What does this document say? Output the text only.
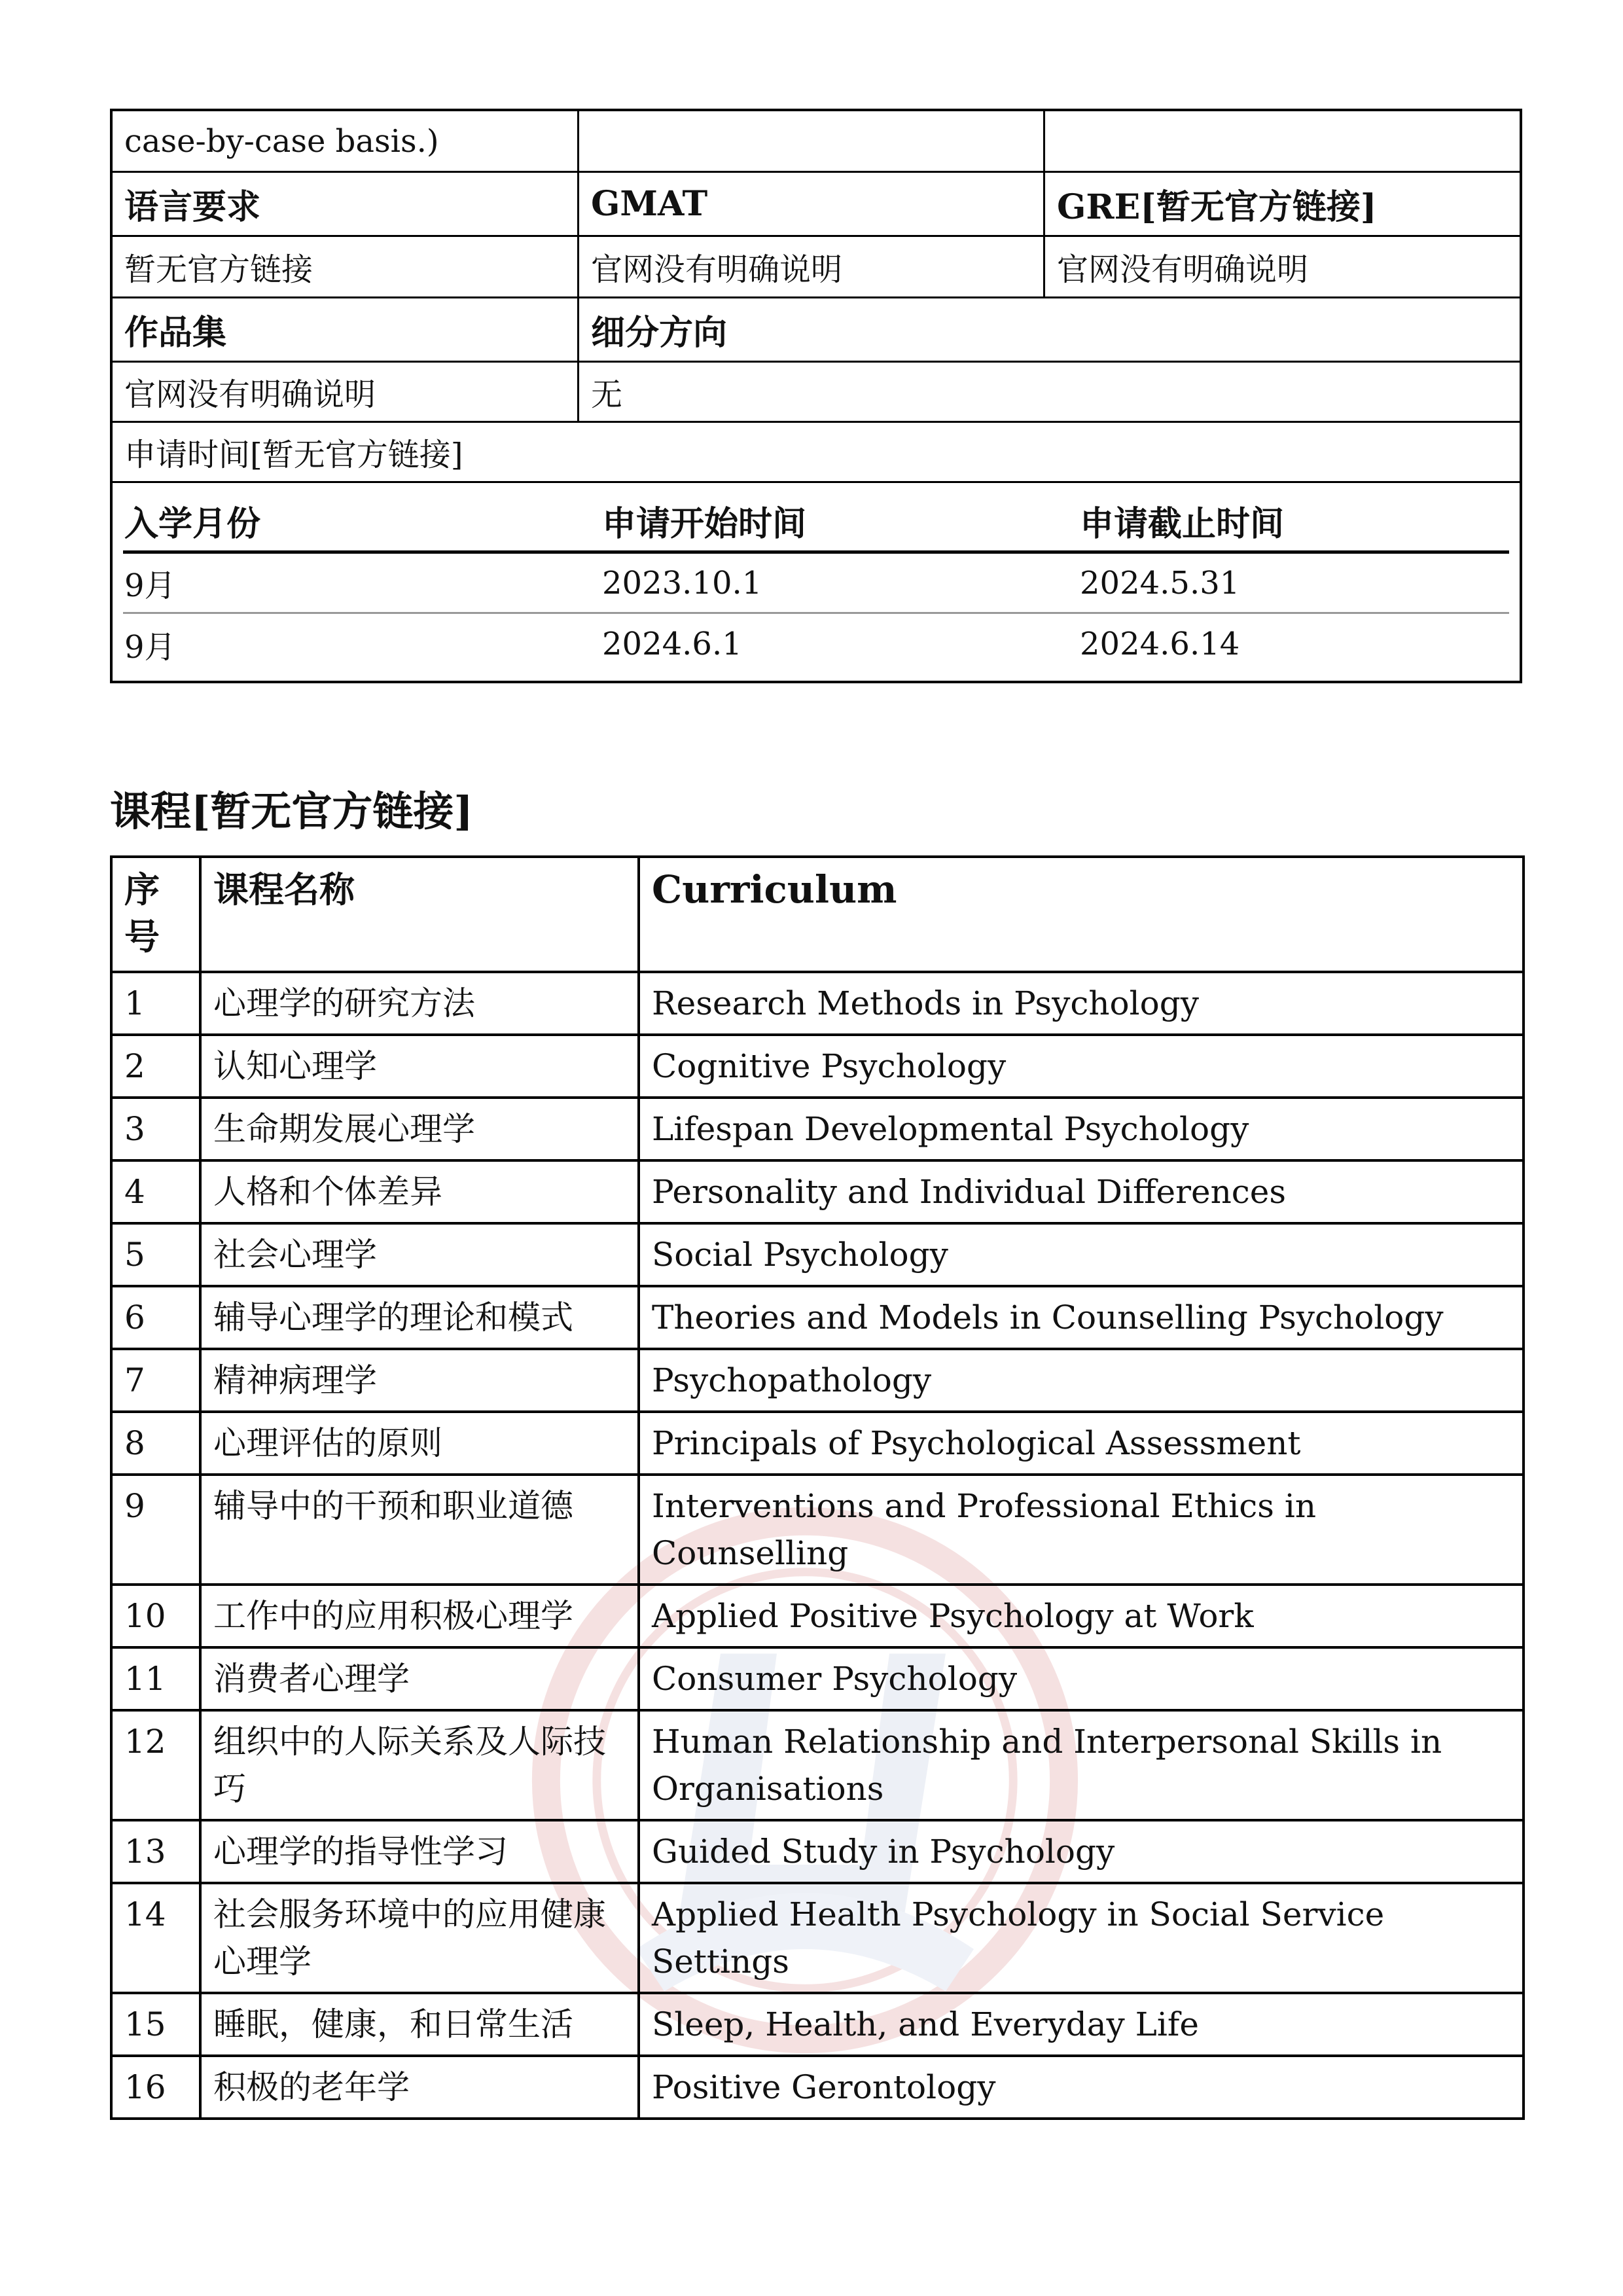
case-by-case basis.)
语言要求	GMAT	GRE[暂无官方链接]
暂无官方链接	官网没有明确说明	官网没有明确说明
作品集	细分方向
官网没有明确说明	无
申请时间[暂无官方链接]
入学月份	申请开始时间	申请截止时间
9月	2023.10.1	2024.5.31
9月	2024.6.1	2024.6.14
课程[暂无官方链接]
序号	课程名称	Curriculum
1	心理学的研究方法	Research Methods in Psychology
2	认知心理学	Cognitive Psychology
3	生命期发展心理学	Lifespan Developmental Psychology
4	人格和个体差异	Personality and Individual Differences
5	社会心理学	Social Psychology
6	辅导心理学的理论和模式	Theories and Models in Counselling Psychology
7	精神病理学	Psychopathology
8	心理评估的原则	Principals of Psychological Assessment
9	辅导中的干预和职业道德	Interventions and Professional Ethics in Counselling
10	工作中的应用积极心理学	Applied Positive Psychology at Work
11	消费者心理学	Consumer Psychology
12	组织中的人际关系及人际技巧	Human Relationship and Interpersonal Skills in Organisations
13	心理学的指导性学习	Guided Study in Psychology
14	社会服务环境中的应用健康心理学	Applied Health Psychology in Social Service Settings
15	睡眠，健康，和日常生活	Sleep, Health, and Everyday Life
16	积极的老年学	Positive Gerontology
